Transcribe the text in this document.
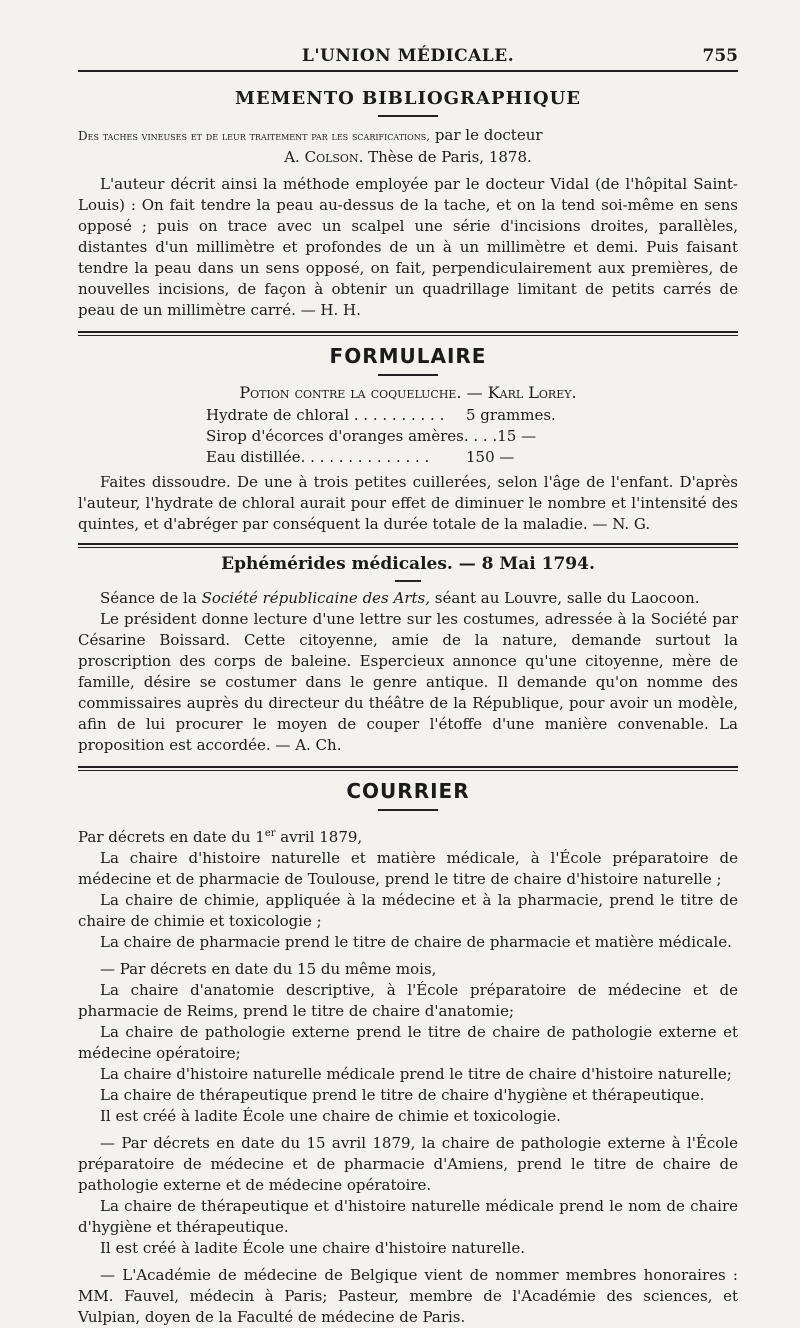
L'UNION MÉDICALE.	755
MEMENTO BIBLIOGRAPHIQUE

Des taches vineuses et de leur traitement par les scarifications, par le docteur

A. Colson. Thèse de Paris, 1878.

L'auteur décrit ainsi la méthode employée par le docteur Vidal (de l'hôpital Saint-Louis) : On fait tendre la peau au-dessus de la tache, et on la tend soi-même en sens opposé ; puis on trace avec un scalpel une série d'incisions droites, parallèles, distantes d'un millimètre et profondes de un à un millimètre et demi. Puis faisant tendre la peau dans un sens opposé, on fait, perpendiculairement aux premières, de nouvelles incisions, de façon à obtenir un quadrillage limitant de petits carrés de peau de un millimètre carré. — H. H.

FORMULAIRE

Potion contre la coqueluche. — Karl Lorey.

Hydrate de chloral . . . . . . . . . .	5 grammes.
Sirop d'écorces d'oranges amères. . . . 15 —
Eau distillée. . . . . . . . . . . . . .	150 —

Faites dissoudre. De une à trois petites cuillerées, selon l'âge de l'enfant. D'après l'auteur, l'hydrate de chloral aurait pour effet de diminuer le nombre et l'intensité des quintes, et d'abréger par conséquent la durée totale de la maladie. — N. G.

Ephémérides médicales. — 8 Mai 1794.

Séance de la Société républicaine des Arts, séant au Louvre, salle du Laocoon.

Le président donne lecture d'une lettre sur les costumes, adressée à la Société par Césarine Boissard. Cette citoyenne, amie de la nature, demande surtout la proscription des corps de baleine. Espercieux annonce qu'une citoyenne, mère de famille, désire se costumer dans le genre antique. Il demande qu'on nomme des commissaires auprès du directeur du théâtre de la République, pour avoir un modèle, afin de lui procurer le moyen de couper l'étoffe d'une manière convenable. La proposition est accordée. — A. Ch.

COURRIER

Par décrets en date du 1er avril 1879,

La chaire d'histoire naturelle et matière médicale, à l'École préparatoire de médecine et de pharmacie de Toulouse, prend le titre de chaire d'histoire naturelle ;

La chaire de chimie, appliquée à la médecine et à la pharmacie, prend le titre de chaire de chimie et toxicologie ;

La chaire de pharmacie prend le titre de chaire de pharmacie et matière médicale.

— Par décrets en date du 15 du même mois,

La chaire d'anatomie descriptive, à l'École préparatoire de médecine et de pharmacie de Reims, prend le titre de chaire d'anatomie;

La chaire de pathologie externe prend le titre de chaire de pathologie externe et médecine opératoire;

La chaire d'histoire naturelle médicale prend le titre de chaire d'histoire naturelle;

La chaire de thérapeutique prend le titre de chaire d'hygiène et thérapeutique.

Il est créé à ladite École une chaire de chimie et toxicologie.

— Par décrets en date du 15 avril 1879, la chaire de pathologie externe à l'École préparatoire de médecine et de pharmacie d'Amiens, prend le titre de chaire de pathologie externe et de médecine opératoire.

La chaire de thérapeutique et d'histoire naturelle médicale prend le nom de chaire d'hygiène et thérapeutique.

Il est créé à ladite École une chaire d'histoire naturelle.

— L'Académie de médecine de Belgique vient de nommer membres honoraires : MM. Fauvel, médecin à Paris; Pasteur, membre de l'Académie des sciences, et Vulpian, doyen de la Faculté de médecine de Paris.
